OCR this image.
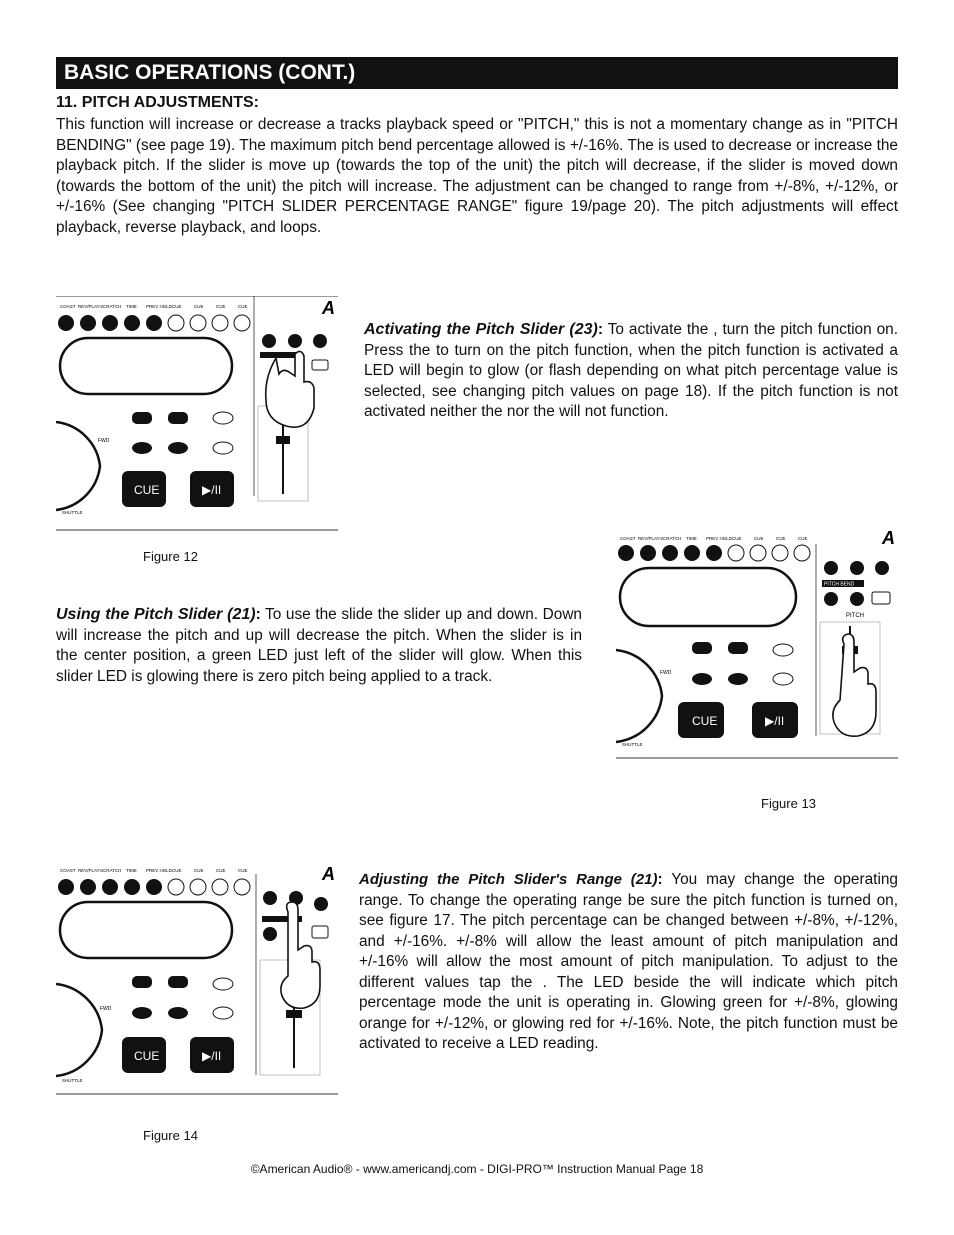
BASIC OPERATIONS (CONT.)
11. PITCH ADJUSTMENTS:

This function will increase or decrease a tracks playback speed or "PITCH," this is not a momentary change as in "PITCH BENDING" (see page 19). The maximum pitch bend percentage allowed is +/-16%. The is used to decrease or increase the playback pitch. If the slider is move up (towards the top of the unit) the pitch will decrease, if the slider is moved down (towards the bottom of the unit) the pitch will increase. The adjustment can be changed to range from +/-8%, +/-12%, or +/-16% (See changing "PITCH SLIDER PERCENTAGE RANGE" figure 19/page 20). The pitch adjustments will effect playback, reverse playback, and loops.

A
COAST REV/PLAY SCRATCH TIME PREV HOLD CUE	CUE	CUE	CUE
FWD
CUE	▶/II
SHUTTLE
Figure 12

Activating the Pitch Slider (23): To activate the , turn the pitch function on. Press the to turn on the pitch function, when the pitch function is activated a LED will begin to glow (or flash depending on what pitch percentage value is selected, see changing pitch values on page 18). If the pitch function is not activated neither the nor the will not function.

A
COAST REV/PLAY SCRATCH TIME PREV HOLD CUE	CUE	CUE	CUE
FWD
CUE	▶/II
SHUTTLE
PITCH BEND
PITCH
Figure 13

Using the Pitch Slider (21): To use the slide the slider up and down. Down will increase the pitch and up will decrease the pitch. When the slider is in the center position, a green LED just left of the slider will glow. When this slider LED is glowing there is zero pitch being applied to a track.

A
COAST REV/PLAY SCRATCH TIME PREV HOLD CUE	CUE	CUE	CUE
FWD
CUE	▶/II
SHUTTLE
Figure 14

Adjusting the Pitch Slider's Range (21): You may change the operating range. To change the operating range be sure the pitch function is turned on, see figure 17. The pitch percentage can be changed between +/-8%, +/-12%, and +/-16%. +/-8% will allow the least amount of pitch manipulation and +/-16% will allow the most amount of pitch manipulation. To adjust to the different values tap the . The LED beside the will indicate which pitch percentage mode the unit is operating in. Glowing green for +/-8%, glowing orange for +/-12%, or glowing red for +/-16%. Note, the pitch function must be activated to receive a LED reading.

©American Audio® - www.americandj.com - DIGI-PRO™ Instruction Manual Page 18
